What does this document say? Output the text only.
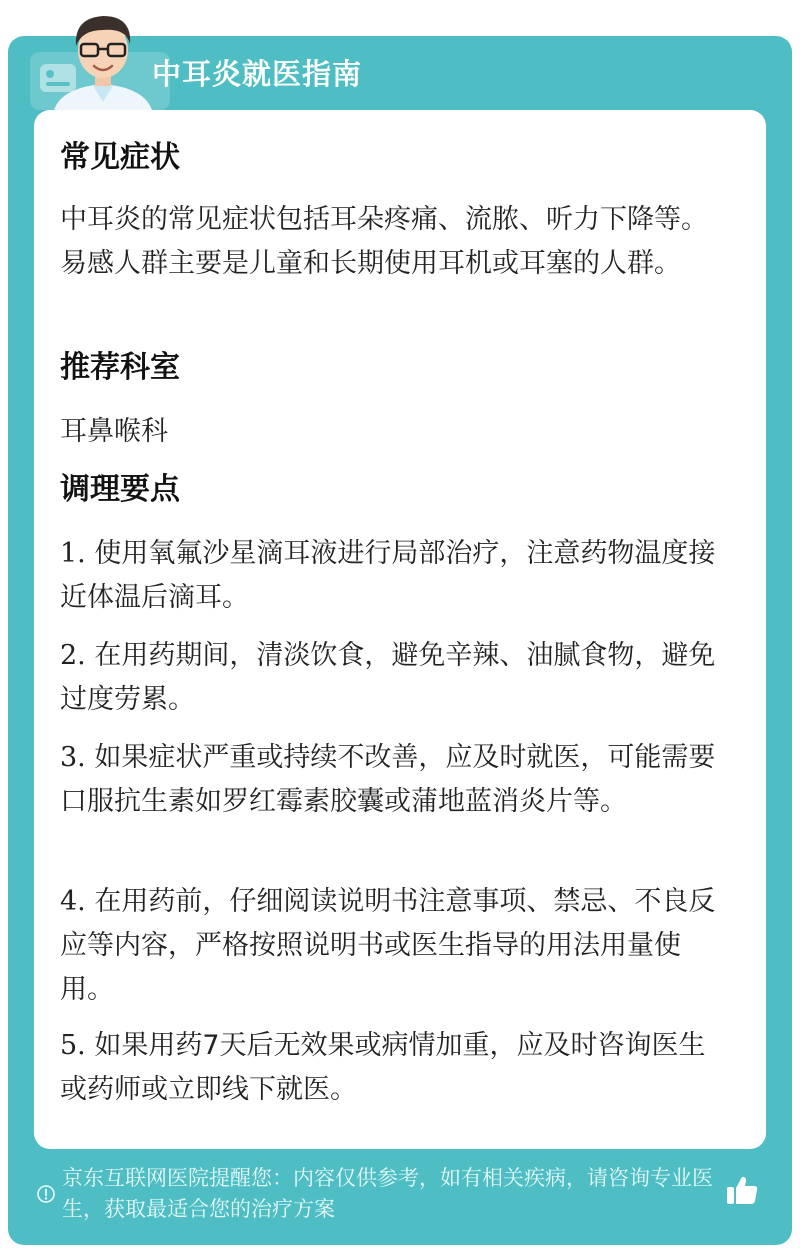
中耳炎就医指南
常见症状

中耳炎的常见症状包括耳朵疼痛、流脓、听力下降等。易感人群主要是儿童和长期使用耳机或耳塞的人群。

推荐科室

耳鼻喉科

调理要点

1. 使用氧氟沙星滴耳液进行局部治疗，注意药物温度接近体温后滴耳。

2. 在用药期间，清淡饮食，避免辛辣、油腻食物，避免过度劳累。

3. 如果症状严重或持续不改善，应及时就医，可能需要口服抗生素如罗红霉素胶囊或蒲地蓝消炎片等。

4. 在用药前，仔细阅读说明书注意事项、禁忌、不良反应等内容，严格按照说明书或医生指导的用法用量使用。

5. 如果用药7天后无效果或病情加重，应及时咨询医生或药师或立即线下就医。

京东互联网医院提醒您：内容仅供参考，如有相关疾病，请咨询专业医生，获取最适合您的治疗方案
